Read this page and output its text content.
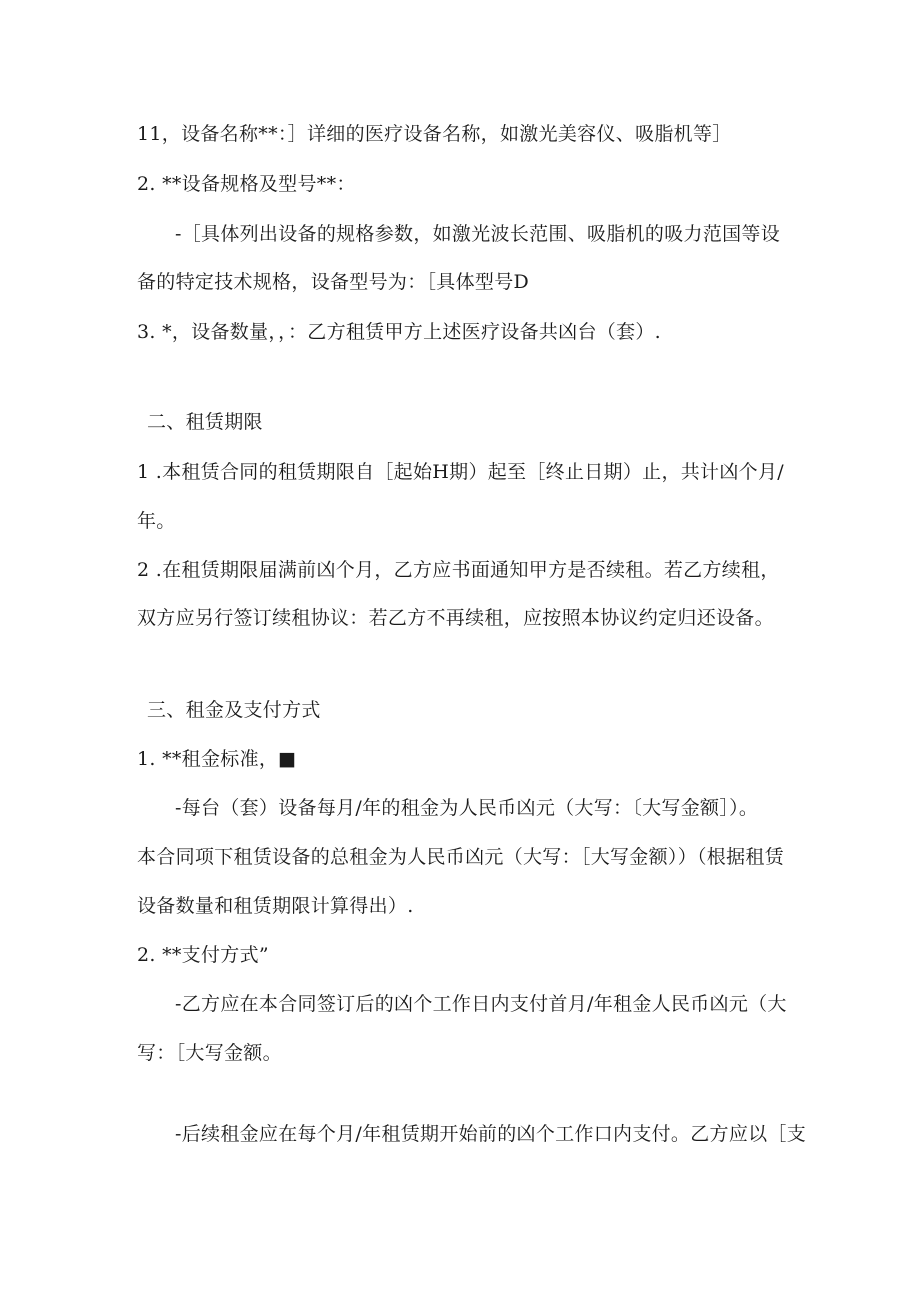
11，设备名称**：］详细的医疗设备名称，如激光美容仪、吸脂机等］
2. **设备规格及型号**：
-［具体列出设备的规格参数，如激光波长范围、吸脂机的吸力范国等设
备的特定技术规格，设备型号为：［具体型号D
3. *，设备数量，，：乙方租赁甲方上述医疗设备共凶台（套）.
二、租赁期限
1 .本租赁合同的租赁期限自［起始H期）起至［终止日期）止，共计凶个月/
年。
2 .在租赁期限届满前凶个月，乙方应书面通知甲方是否续租。若乙方续租，
双方应另行签订续租协议：若乙方不再续租，应按照本协议约定归还设备。
三、租金及支付方式
1. **租金标准，■
-每台（套）设备每月/年的租金为人民币凶元（大写：〔大写金额］）。
本合同项下租赁设备的总租金为人民币凶元（大写：［大写金额））（根据租赁
设备数量和租赁期限计算得出）.
2. **支付方式”
-乙方应在本合同签订后的凶个工作日内支付首月/年租金人民币凶元（大
写：［大写金额。
-后续租金应在每个月/年租赁期开始前的凶个工作口内支付。乙方应以［支
